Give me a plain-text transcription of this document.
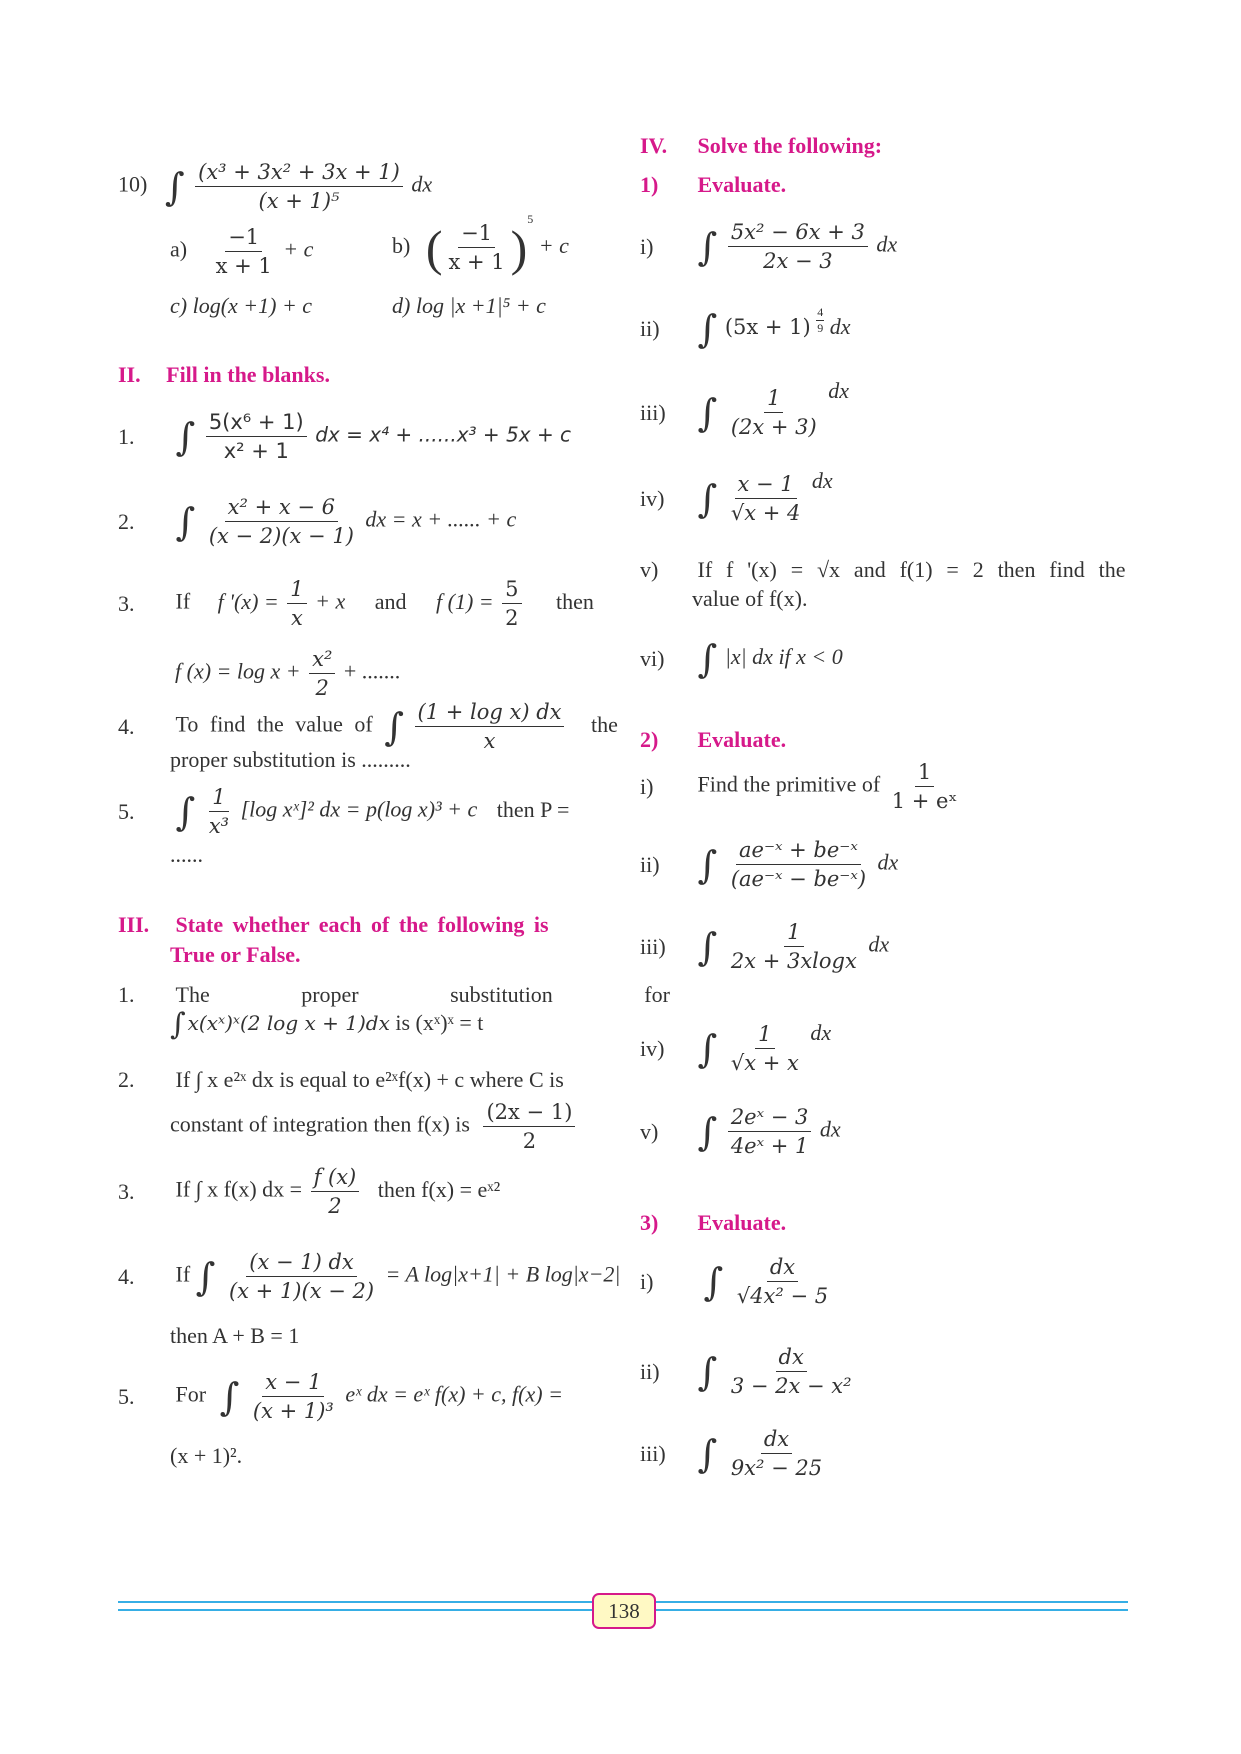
10) ∫ $\frac{\text{(x³ + 3x² + 3x + 1)}}{\text{(x + 1)⁵}}$ dx
$a) \frac{-1}{x + 1} + c$	b) ( $\frac{-1}{x + 1} )^5 + c$
c) log(x +1) + c	d) log |x +1|⁵ + c
II. Fill in the blanks.
1. ∫ $\frac{\text{5(x⁶ + 1)}}{\text{x² + 1}}$ dx = x⁴ + ......x³ + 5x + c
2. ∫ $\frac{\text{x² + x − 6}}{(x - 2)(x - 1)}$ dx = x + ...... + c
3. If f '$(x) = \frac{1}{x} + x$ and f $(1) = \frac{5}{2}$ then
f $(x) = \log x + \frac{\text{x²}}{2}$ + .......
4. To find the value of ∫ $\frac{\text{(1 + log x) dx}}{x}$ the
proper substitution is .........
5. ∫ $\frac{1}{\text{x³}} [\log$ xˣ]² dx = p(log x)³ + c then P =
......
III. State whether each of the following is
True or False.
1. The proper substitution for
∫ x(xˣ)ˣ(2 log x + 1)dx is (xˣ)ˣ = t
2. If ∫ x e²ˣ dx is equal to e²ˣf(x) + c where C is
constant of integration then f(x) is $\frac{(2x - 1)}{2}$
3. If ∫ x f(x) dx = $\frac{f (x)}{2}$ then f(x) = eˣ²
4. If ∫ $\frac{(x - 1) dx}{(x + 1)(x - 2)} = A$ log|x+1| + B log|x−2|
then A + B = 1
5. For ∫ $\frac{x - 1}{\text{(x + 1)³}}$ eˣ dx = eˣ f(x) + c, f(x) =
(x + 1)².
IV. Solve the following:
1) Evaluate.
i) ∫ $\frac{\text{5x² − 6x + 3}}{2x - 3}$ dx
ii) ∫ $(5x + 1) \frac{4}{9}$ dx
iii) ∫ $\frac{1}{(2x + 3)}$ dx
iv) ∫ $\frac{x - 1}{√x + 4}$ dx
v) If f '(x) = √x and f(1) = 2 then find the
value of f(x).
vi) ∫ |x| dx if x < 0
2) Evaluate.
i) Find the primitive of $\frac{1}{\text{1 + eˣ}}$
ii) ∫ $\frac{\text{ae⁻ˣ + be⁻ˣ}}{\text{(ae⁻ˣ − be⁻ˣ)}}$ dx
iii) ∫ $\frac{1}{2x + 3xlogx}$ dx
iv) ∫ $\frac{1}{√x + x}$ dx
v) ∫ $\frac{\text{2eˣ − 3}}{\text{4eˣ + 1}}$ dx
3) Evaluate.
i) ∫ $\frac{dx}{\text{√4x² − 5}}$
ii) ∫ $\frac{dx}{\text{3 − 2x − x²}}$
iii) ∫ $\frac{dx}{\text{9x² − 25}}$
138
